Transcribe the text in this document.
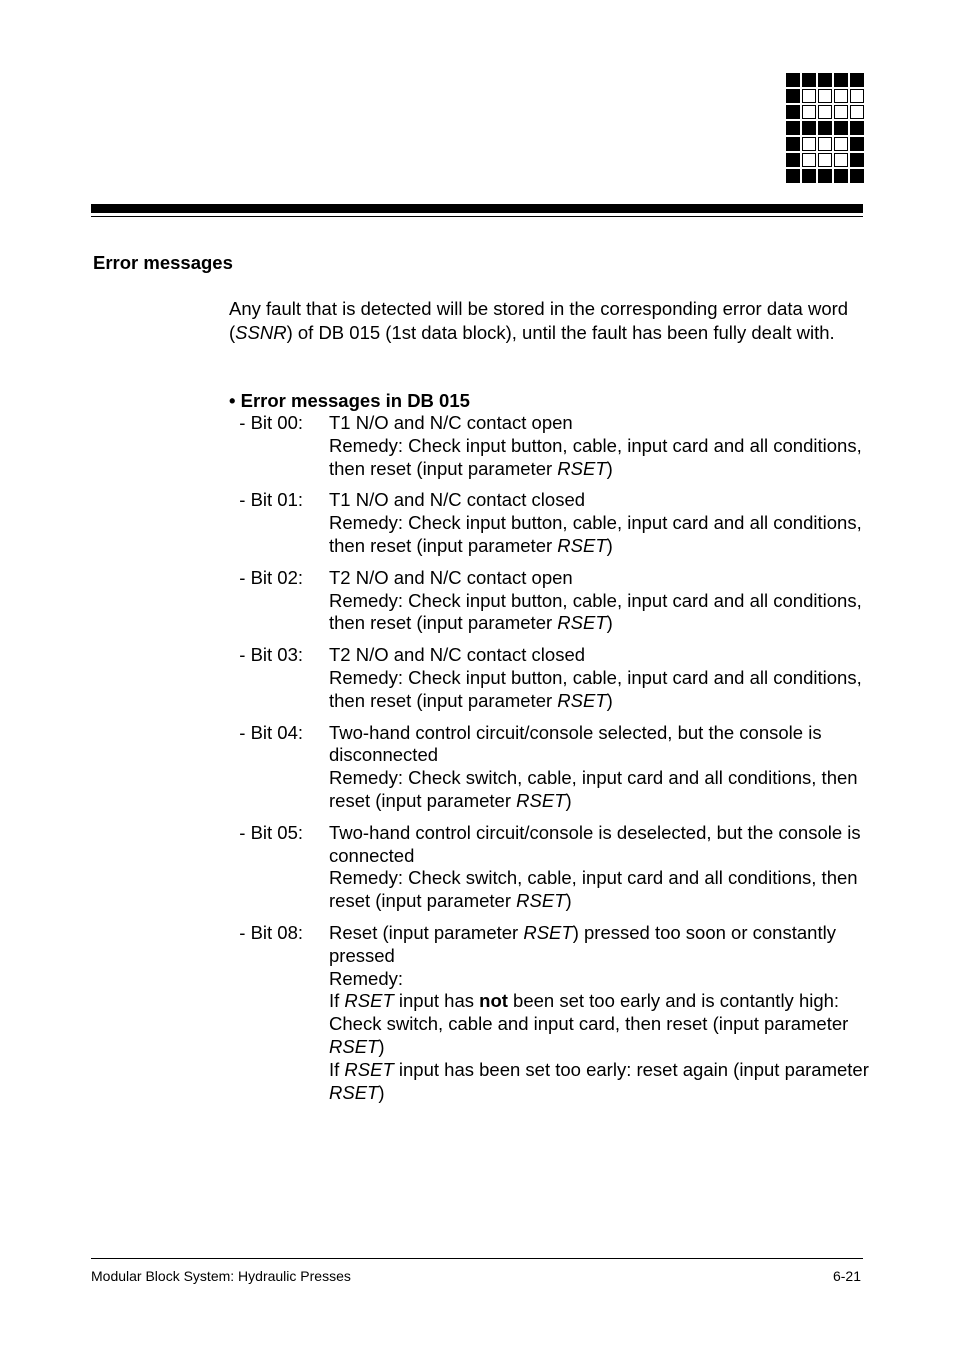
Error messages

Any fault that is detected will be stored in the corresponding error data word (SSNR) of DB 015 (1st data block), until the fault has been fully dealt with.

• Error messages in DB 015
- Bit 00:	T1 N/O and N/C contact open
Remedy: Check input button, cable, input card and all conditions, then reset (input parameter RSET)
- Bit 01:	T1 N/O and N/C contact closed
Remedy: Check input button, cable, input card and all conditions, then reset (input parameter RSET)
- Bit 02:	T2 N/O and N/C contact open
Remedy: Check input button, cable, input card and all conditions, then reset (input parameter RSET)
- Bit 03:	T2 N/O and N/C contact closed
Remedy: Check input button, cable, input card and all conditions, then reset (input parameter RSET)
- Bit 04:	Two-hand control circuit/console selected, but the console is disconnected
Remedy: Check switch, cable, input card and all conditions, then reset (input parameter RSET)
- Bit 05:	Two-hand control circuit/console is deselected, but the console is connected
Remedy: Check switch, cable, input card and all conditions, then reset (input parameter RSET)
- Bit 08:	Reset (input parameter RSET) pressed too soon or constantly pressed
Remedy:
If RSET input has not been set too early and is contantly high: Check switch, cable and input card, then reset (input parameter RSET)
If RSET input has been set too early: reset again (input parameter RSET)
Modular Block System: Hydraulic Presses	6-21
